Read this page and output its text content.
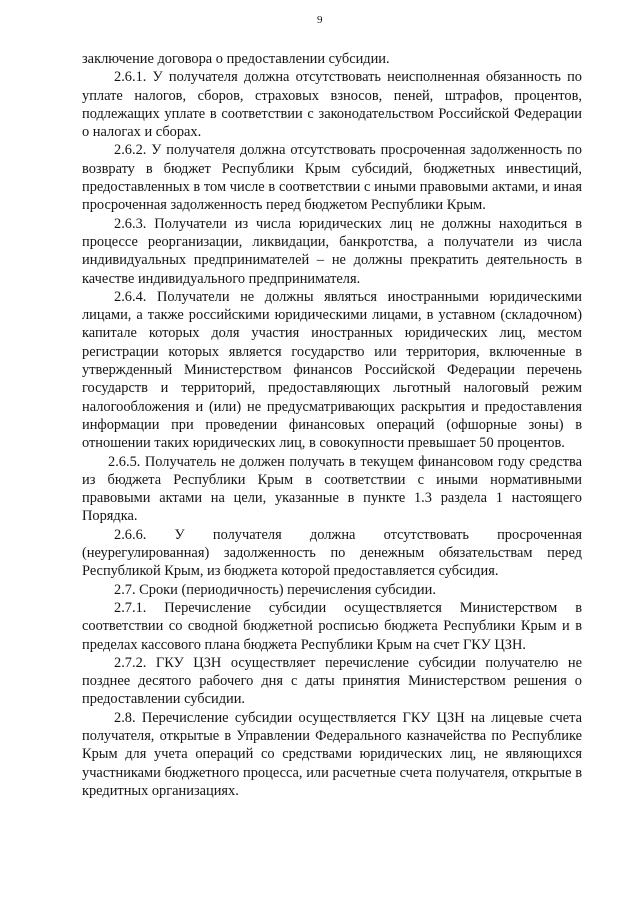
9

заключение договора о предоставлении субсидии.

2.6.1. У получателя должна отсутствовать неисполненная обязанность по уплате налогов, сборов, страховых взносов, пеней, штрафов, процентов, подлежащих уплате в соответствии с законодательством Российской Федерации о налогах и сборах.

2.6.2. У получателя должна отсутствовать просроченная задолженность по возврату в бюджет Республики Крым субсидий, бюджетных инвестиций, предоставленных в том числе в соответствии с иными правовыми актами, и иная просроченная задолженность перед бюджетом Республики Крым.

2.6.3. Получатели из числа юридических лиц не должны находиться в процессе реорганизации, ликвидации, банкротства, а получатели из числа индивидуальных предпринимателей – не должны прекратить деятельность в качестве индивидуального предпринимателя.

2.6.4. Получатели не должны являться иностранными юридическими лицами, а также российскими юридическими лицами, в уставном (складочном) капитале которых доля участия иностранных юридических лиц, местом регистрации которых является государство или территория, включенные в утвержденный Министерством финансов Российской Федерации перечень государств и территорий, предоставляющих льготный налоговый режим налогообложения и (или) не предусматривающих раскрытия и предоставления информации при проведении финансовых операций (офшорные зоны) в отношении таких юридических лиц, в совокупности превышает 50 процентов.

2.6.5. Получатель не должен получать в текущем финансовом году средства из бюджета Республики Крым в соответствии с иными нормативными правовыми актами на цели, указанные в пункте 1.3 раздела 1 настоящего Порядка.

2.6.6. У получателя должна отсутствовать просроченная (неурегулированная) задолженность по денежным обязательствам перед Республикой Крым, из бюджета которой предоставляется субсидия.

2.7. Сроки (периодичность) перечисления субсидии.

2.7.1. Перечисление субсидии осуществляется Министерством в соответствии со сводной бюджетной росписью бюджета Республики Крым и в пределах кассового плана бюджета Республики Крым на счет ГКУ ЦЗН.

2.7.2. ГКУ ЦЗН осуществляет перечисление субсидии получателю не позднее десятого рабочего дня с даты принятия Министерством решения о предоставлении субсидии.

2.8. Перечисление субсидии осуществляется ГКУ ЦЗН на лицевые счета получателя, открытые в Управлении Федерального казначейства по Республике Крым для учета операций со средствами юридических лиц, не являющихся участниками бюджетного процесса, или расчетные счета получателя, открытые в кредитных организациях.
